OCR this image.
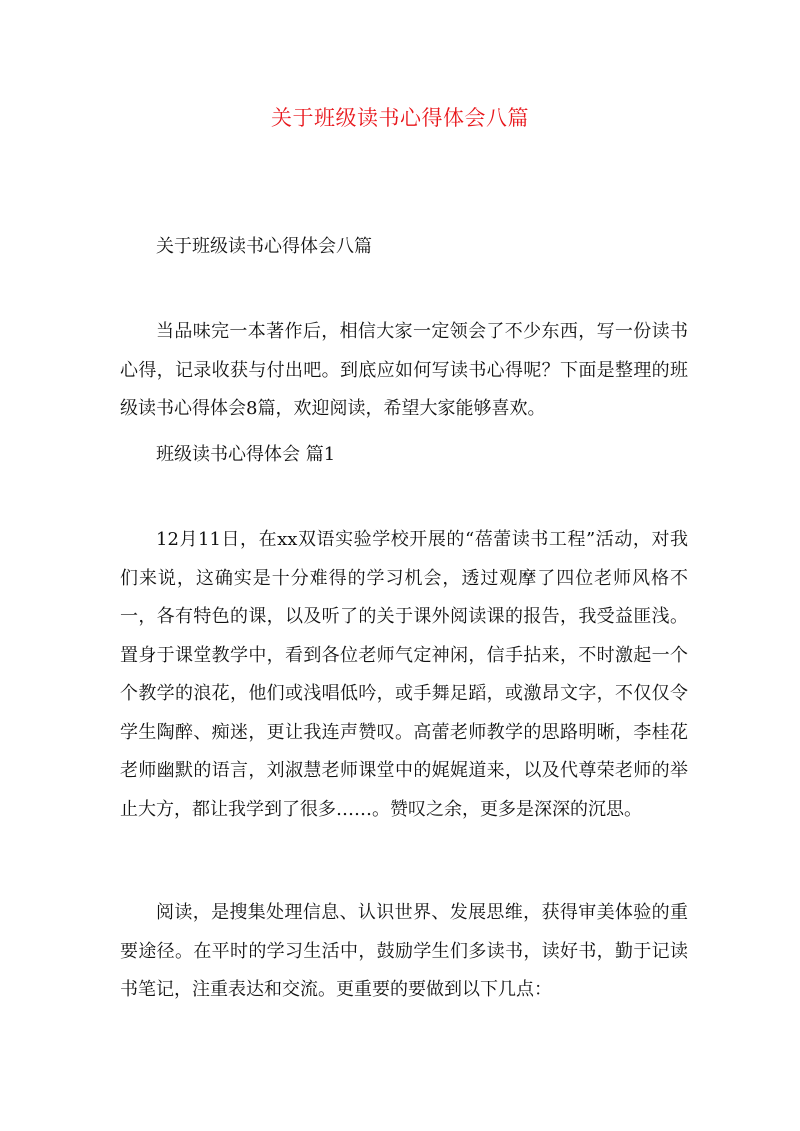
关于班级读书心得体会八篇

关于班级读书心得体会八篇

当品味完一本著作后，相信大家一定领会了不少东西，写一份读书心得，记录收获与付出吧。到底应如何写读书心得呢？下面是整理的班级读书心得体会8篇，欢迎阅读，希望大家能够喜欢。

班级读书心得体会 篇1

12月11日，在xx双语实验学校开展的“蓓蕾读书工程”活动，对我们来说，这确实是十分难得的学习机会，透过观摩了四位老师风格不一，各有特色的课，以及听了的关于课外阅读课的报告，我受益匪浅。置身于课堂教学中，看到各位老师气定神闲，信手拈来，不时激起一个个教学的浪花，他们或浅唱低吟，或手舞足蹈，或激昂文字，不仅仅令学生陶醉、痴迷，更让我连声赞叹。高蕾老师教学的思路明晰，李桂花老师幽默的语言，刘淑慧老师课堂中的娓娓道来，以及代尊荣老师的举止大方，都让我学到了很多……。赞叹之余，更多是深深的沉思。

阅读，是搜集处理信息、认识世界、发展思维，获得审美体验的重要途径。在平时的学习生活中，鼓励学生们多读书，读好书，勤于记读书笔记，注重表达和交流。更重要的要做到以下几点：
